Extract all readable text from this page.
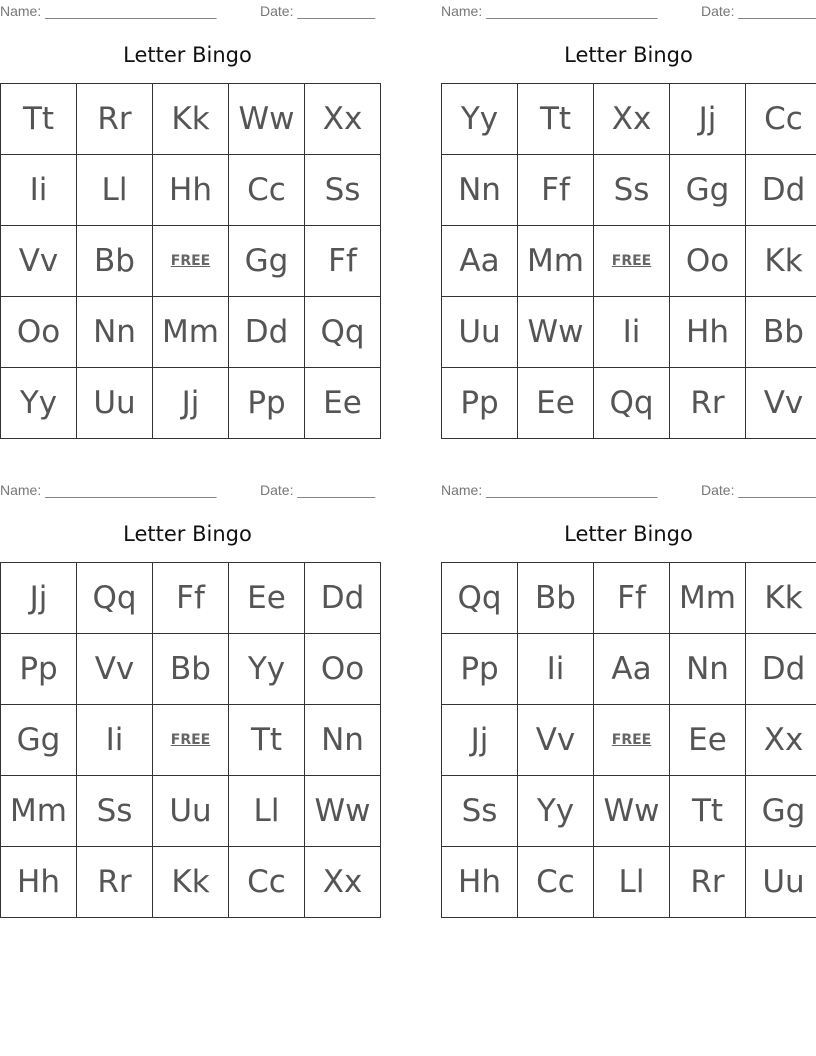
Name: ______________________	Date: __________
Letter Bingo
Tt	Rr	Kk	Ww	Xx
Ii	Ll	Hh	Cc	Ss
Vv	Bb	FREE	Gg	Ff
Oo	Nn	Mm	Dd	Qq
Yy	Uu	Jj	Pp	Ee
Name: ______________________	Date: __________
Letter Bingo
Yy	Tt	Xx	Jj	Cc
Nn	Ff	Ss	Gg	Dd
Aa	Mm	FREE	Oo	Kk
Uu	Ww	Ii	Hh	Bb
Pp	Ee	Qq	Rr	Vv
Name: ______________________	Date: __________
Letter Bingo
Jj	Qq	Ff	Ee	Dd
Pp	Vv	Bb	Yy	Oo
Gg	Ii	FREE	Tt	Nn
Mm	Ss	Uu	Ll	Ww
Hh	Rr	Kk	Cc	Xx
Name: ______________________	Date: __________
Letter Bingo
Qq	Bb	Ff	Mm	Kk
Pp	Ii	Aa	Nn	Dd
Jj	Vv	FREE	Ee	Xx
Ss	Yy	Ww	Tt	Gg
Hh	Cc	Ll	Rr	Uu
